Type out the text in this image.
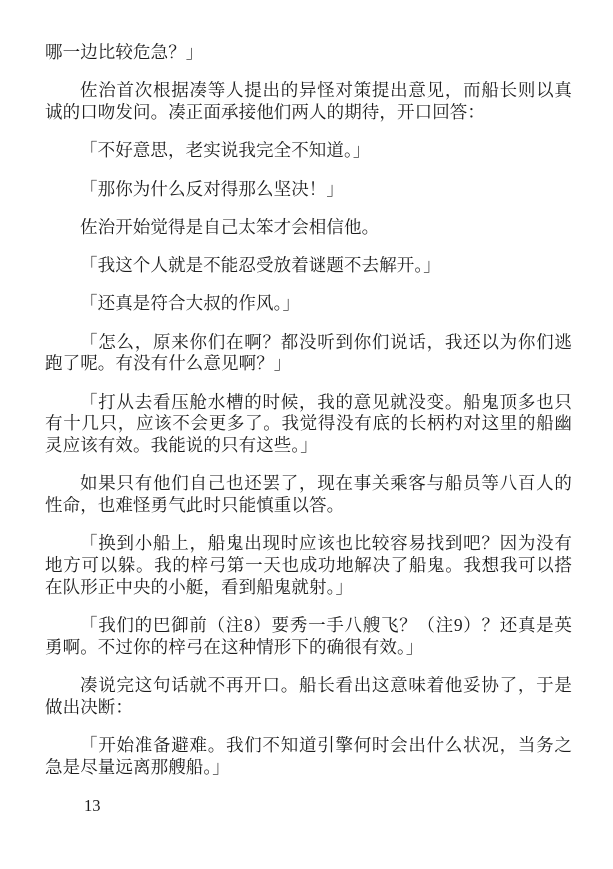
哪一边比较危急？」

佐治首次根据凑等人提出的异怪对策提出意见，而船长则以真诚的口吻发问。凑正面承接他们两人的期待，开口回答：

「不好意思，老实说我完全不知道。」

「那你为什么反对得那么坚决！」

佐治开始觉得是自己太笨才会相信他。

「我这个人就是不能忍受放着谜题不去解开。」

「还真是符合大叔的作风。」

「怎么，原来你们在啊？都没听到你们说话，我还以为你们逃跑了呢。有没有什么意见啊？」

「打从去看压舱水槽的时候，我的意见就没变。船鬼顶多也只有十几只，应该不会更多了。我觉得没有底的长柄杓对这里的船幽灵应该有效。我能说的只有这些。」

如果只有他们自己也还罢了，现在事关乘客与船员等八百人的性命，也难怪勇气此时只能慎重以答。

「换到小船上，船鬼出现时应该也比较容易找到吧？因为没有地方可以躲。我的梓弓第一天也成功地解决了船鬼。我想我可以搭在队形正中央的小艇，看到船鬼就射。」

「我们的巴御前（注8）要秀一手八艘飞？（注9）？还真是英勇啊。不过你的梓弓在这种情形下的确很有效。」

凑说完这句话就不再开口。船长看出这意味着他妥协了，于是做出决断：

「开始准备避难。我们不知道引擎何时会出什么状况，当务之急是尽量远离那艘船。」

13
